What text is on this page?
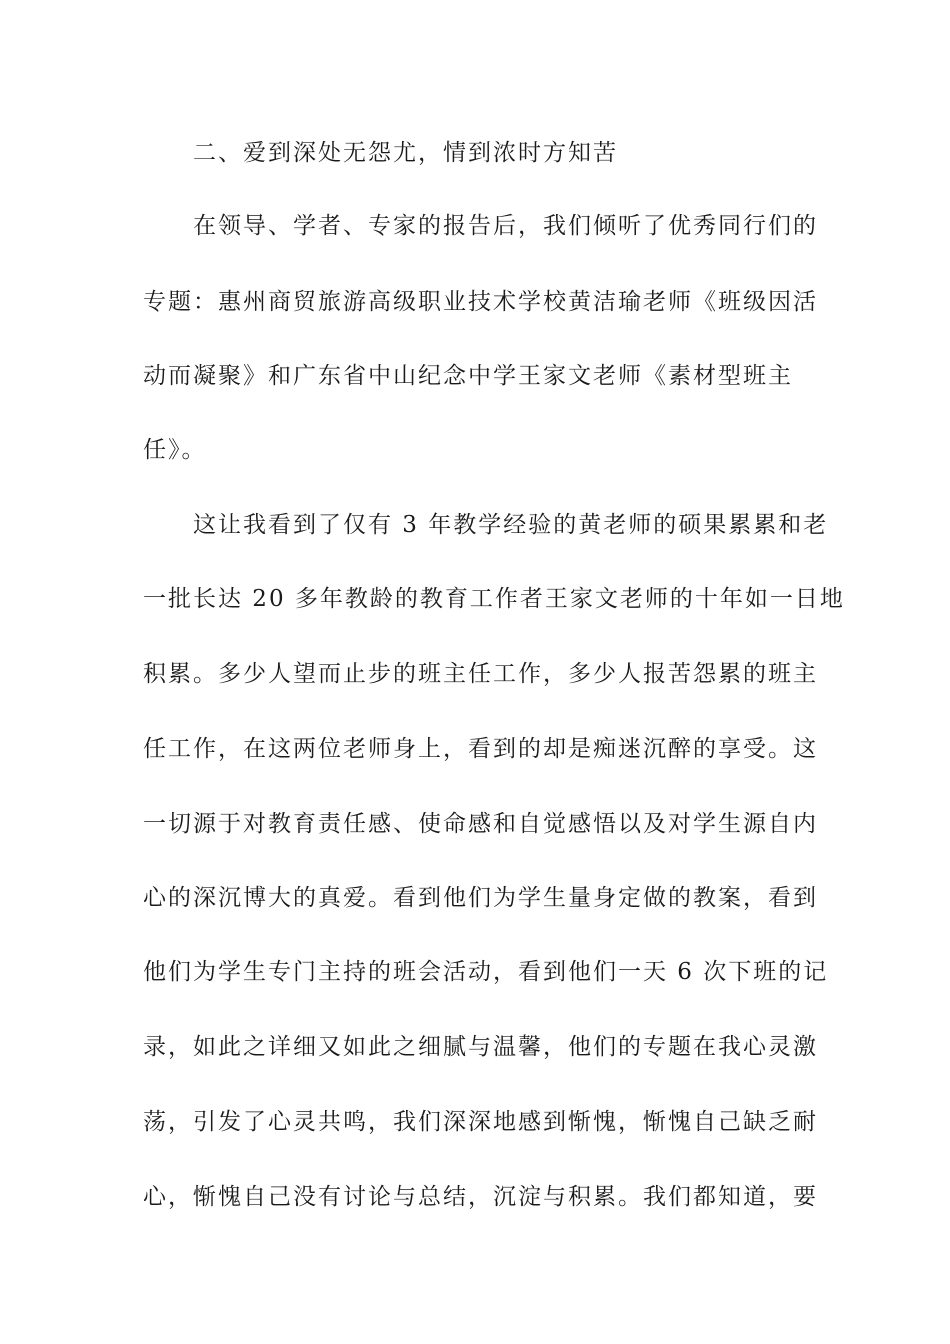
二、爱到深处无怨尤，情到浓时方知苦
在领导、学者、专家的报告后，我们倾听了优秀同行们的
专题：惠州商贸旅游高级职业技术学校黄洁瑜老师《班级因活
动而凝聚》和广东省中山纪念中学王家文老师《素材型班主
任》。
这让我看到了仅有 3 年教学经验的黄老师的硕果累累和老
一批长达 20 多年教龄的教育工作者王家文老师的十年如一日地
积累。多少人望而止步的班主任工作，多少人报苦怨累的班主
任工作，在这两位老师身上，看到的却是痴迷沉醉的享受。这
一切源于对教育责任感、使命感和自觉感悟以及对学生源自内
心的深沉博大的真爱。看到他们为学生量身定做的教案，看到
他们为学生专门主持的班会活动，看到他们一天 6 次下班的记
录，如此之详细又如此之细腻与温馨，他们的专题在我心灵激
荡，引发了心灵共鸣，我们深深地感到惭愧，惭愧自己缺乏耐
心，惭愧自己没有讨论与总结，沉淀与积累。我们都知道，要
